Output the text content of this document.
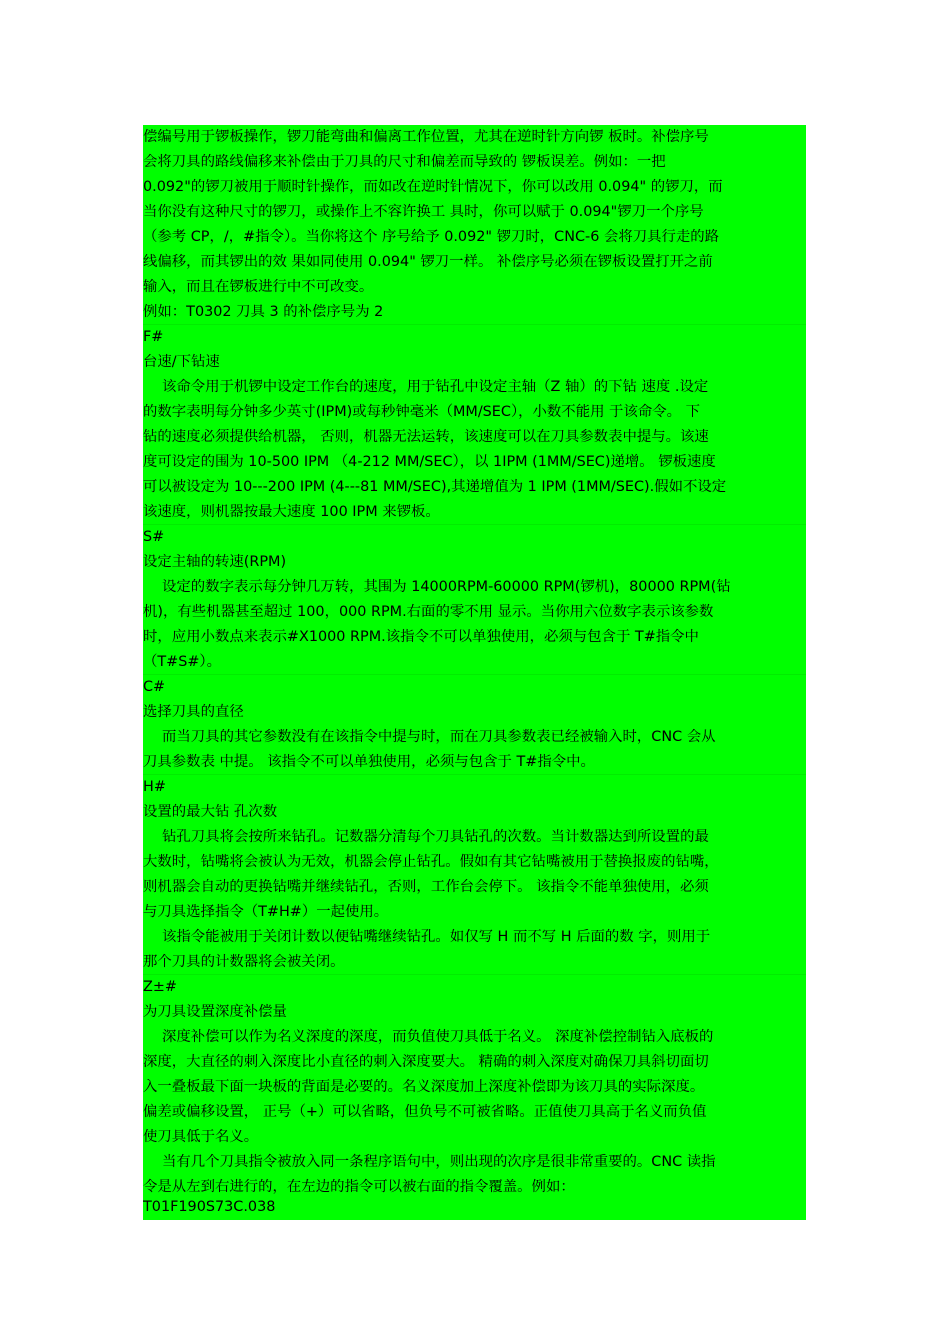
偿编号用于锣板操作，锣刀能弯曲和偏离工作位置，尤其在逆时针方向锣 板时。补偿序号
会将刀具的路线偏移来补偿由于刀具的尺寸和偏差而导致的 锣板误差。例如：一把
0.092"的锣刀被用于顺时针操作，而如改在逆时针情况下，你可以改用 0.094" 的锣刀，而
当你没有这种尺寸的锣刀，或操作上不容许换工 具时，你可以赋于 0.094"锣刀一个序号
（参考 CP，/，#指令）。当你将这个 序号给予 0.092" 锣刀时，CNC-6 会将刀具行走的路
线偏移，而其锣出的效 果如同使用 0.094" 锣刀一样。 补偿序号必须在锣板设置打开之前
输入，而且在锣板进行中不可改变。
例如：T0302 刀具 3 的补偿序号为 2
F#
台速/下钻速
该命令用于机锣中设定工作台的速度，用于钻孔中设定主轴（Z 轴）的下钻 速度 .设定
的数字表明每分钟多少英寸(IPM)或每秒钟毫米（MM/SEC），小数不能用 于该命令。 下
钻的速度必须提供给机器， 否则，机器无法运转，该速度可以在刀具参数表中提与。该速
度可设定的围为 10-500 IPM （4-212 MM/SEC），以 1IPM (1MM/SEC)递增。 锣板速度
可以被设定为 10---200 IPM (4---81 MM/SEC),其递增值为 1 IPM (1MM/SEC).假如不设定
该速度，则机器按最大速度 100 IPM 来锣板。
S#
设定主轴的转速(RPM)
设定的数字表示每分钟几万转，其围为 14000RPM-60000 RPM(锣机)，80000 RPM(钻
机)，有些机器甚至超过 100，000 RPM.右面的零不用 显示。当你用六位数字表示该参数
时，应用小数点来表示#X1000 RPM.该指令不可以单独使用，必须与包含于 T#指令中
（T#S#）。
C#
选择刀具的直径
而当刀具的其它参数没有在该指令中提与时，而在刀具参数表已经被输入时，CNC 会从
刀具参数表 中提。 该指令不可以单独使用，必须与包含于 T#指令中。
H#
设置的最大钻 孔次数
钻孔刀具将会按所来钻孔。记数器分清每个刀具钻孔的次数。当计数器达到所设置的最
大数时，钻嘴将会被认为无效，机器会停止钻孔。假如有其它钻嘴被用于替换报废的钻嘴，
则机器会自动的更换钻嘴并继续钻孔，否则，工作台会停下。 该指令不能单独使用，必须
与刀具选择指令（T#H#）一起使用。
该指令能被用于关闭计数以便钻嘴继续钻孔。如仅写 H 而不写 H 后面的数 字，则用于
那个刀具的计数器将会被关闭。
Z±#
为刀具设置深度补偿量
深度补偿可以作为名义深度的深度，而负值使刀具低于名义。 深度补偿控制钻入底板的
深度，大直径的刺入深度比小直径的刺入深度要大。 精确的刺入深度对确保刀具斜切面切
入一叠板最下面一块板的背面是必要的。名义深度加上深度补偿即为该刀具的实际深度。
偏差或偏移设置， 正号（+）可以省略，但负号不可被省略。正值使刀具高于名义而负值
使刀具低于名义。
当有几个刀具指令被放入同一条程序语句中，则出现的次序是很非常重要的。CNC 读指
令是从左到右进行的，在左边的指令可以被右面的指令覆盖。例如：
T01F190S73C.038
